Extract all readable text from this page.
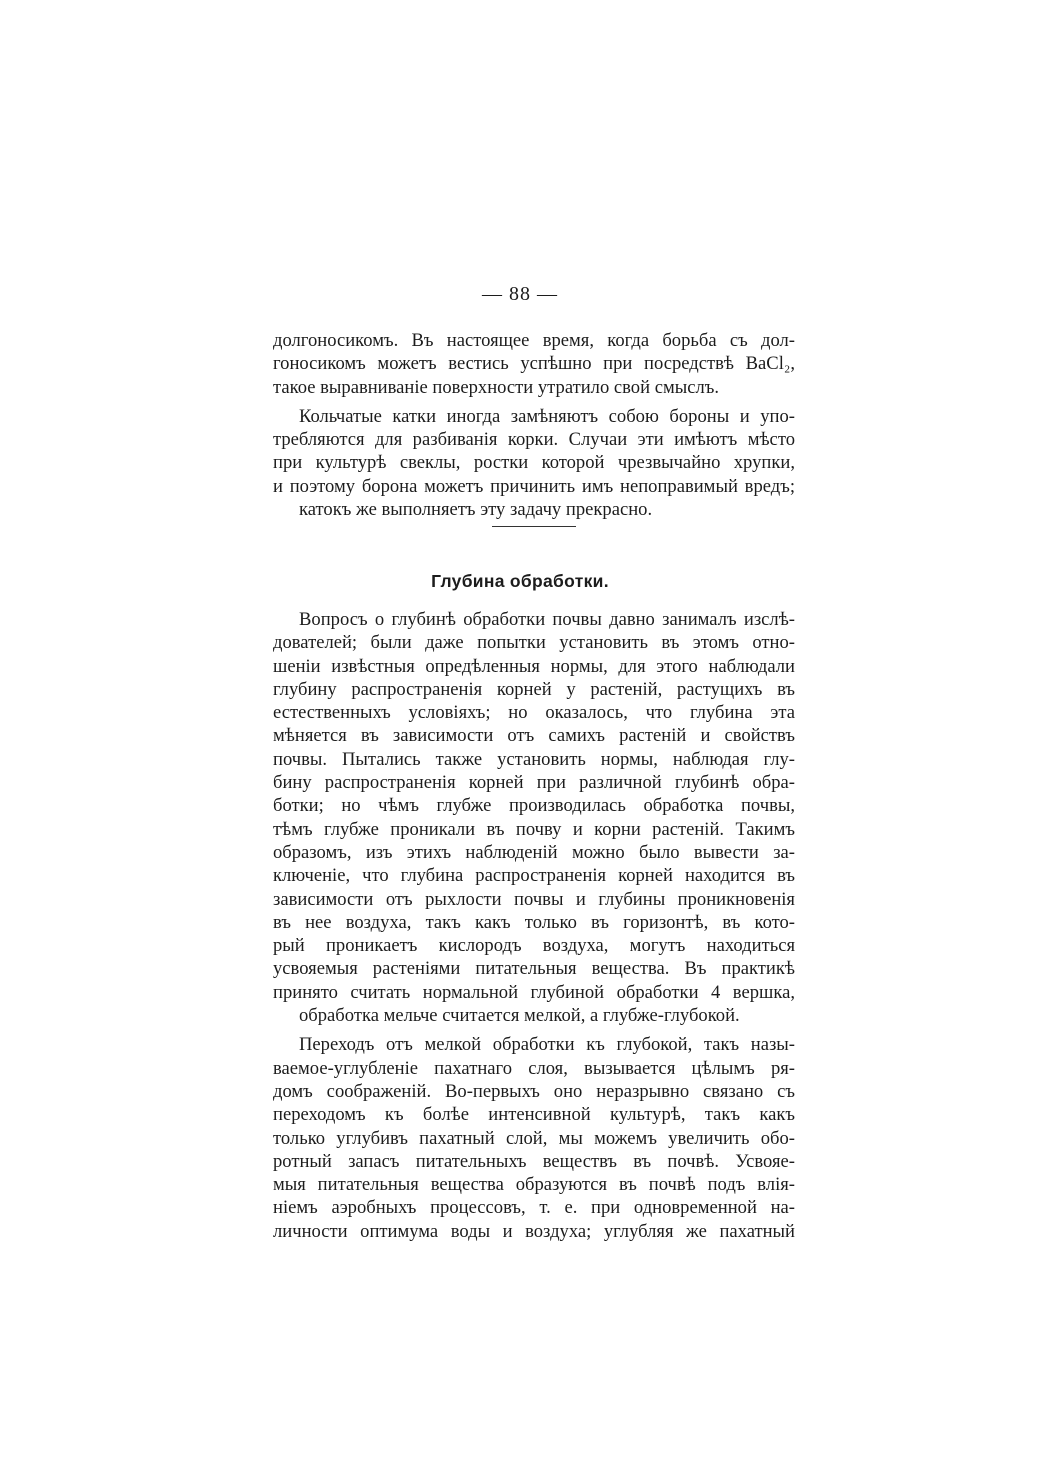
— 88 —

долгоносикомъ. Въ настоящее время, когда борьба съ дол-
гоносикомъ можетъ вестись успѣшно при посредствѣ BaCl₂,
такое выравниваніе поверхности утратило свой смыслъ.

Кольчатые катки иногда замѣняютъ собою бороны и упо-
требляются для разбиванія корки. Случаи эти имѣютъ мѣсто
при культурѣ свеклы, ростки которой чрезвычайно хрупки,
и поэтому борона можетъ причинить имъ непоправимый вредъ;
катокъ же выполняетъ эту задачу прекрасно.

Глубина обработки.

Вопросъ о глубинѣ обработки почвы давно занималъ изслѣ-
дователей; были даже попытки установить въ этомъ отно-
шеніи извѣстныя опредѣленныя нормы, для этого наблюдали
глубину распространенія корней у растеній, растущихъ въ
естественныхъ условіяхъ; но оказалось, что глубина эта
мѣняется въ зависимости отъ самихъ растеній и свойствъ
почвы. Пытались также установить нормы, наблюдая глу-
бину распространенія корней при различной глубинѣ обра-
ботки; но чѣмъ глубже производилась обработка почвы,
тѣмъ глубже проникали въ почву и корни растеній. Такимъ
образомъ, изъ этихъ наблюденій можно было вывести за-
ключеніе, что глубина распространенія корней находится въ
зависимости отъ рыхлости почвы и глубины проникновенія
въ нее воздуха, такъ какъ только въ горизонтѣ, въ кото-
рый проникаетъ кислородъ воздуха, могутъ находиться
усвояемыя растеніями питательныя вещества. Въ практикѣ
принято считать нормальной глубиной обработки 4 вершка,
обработка мельче считается мелкой, а глубже-глубокой.

Переходъ отъ мелкой обработки къ глубокой, такъ назы-
ваемое-углубленіе пахатнаго слоя, вызывается цѣлымъ ря-
домъ соображеній. Во-первыхъ оно неразрывно связано съ
переходомъ къ болѣе интенсивной культурѣ, такъ какъ
только углубивъ пахатный слой, мы можемъ увеличить обо-
ротный запасъ питательныхъ веществъ въ почвѣ. Усвояе-
мыя питательныя вещества образуются въ почвѣ подъ влія-
ніемъ аэробныхъ процессовъ, т. е. при одновременной на-
личности оптимума воды и воздуха; углубляя же пахатный
